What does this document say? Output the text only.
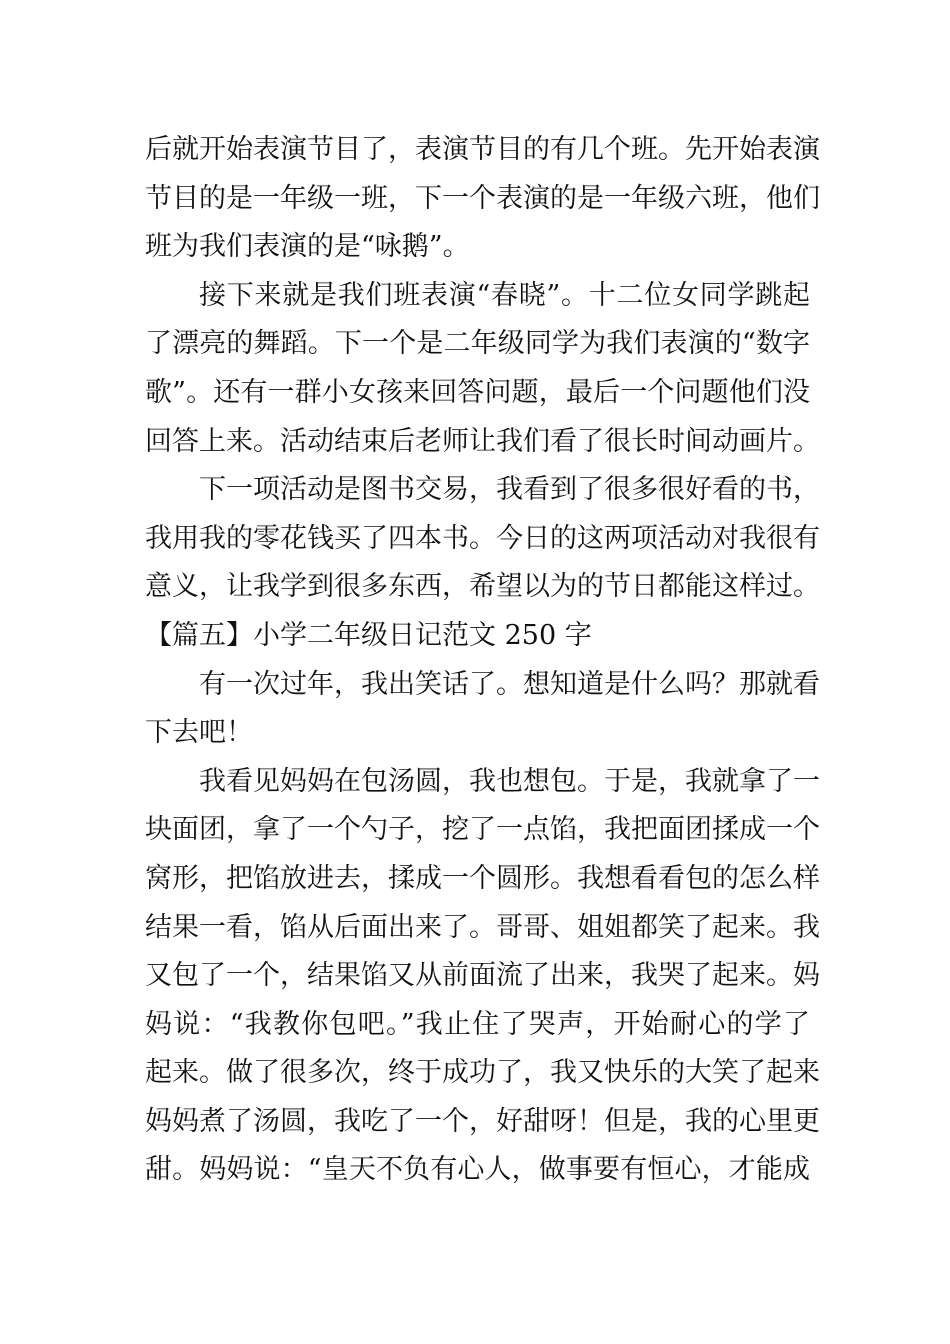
后就开始表演节目了，表演节目的有几个班。先开始表演
节目的是一年级一班，下一个表演的是一年级六班，他们
班为我们表演的是“咏鹅”。
接下来就是我们班表演“春晓”。十二位女同学跳起
了漂亮的舞蹈。下一个是二年级同学为我们表演的“数字
歌”。还有一群小女孩来回答问题，最后一个问题他们没
回答上来。活动结束后老师让我们看了很长时间动画片。
下一项活动是图书交易，我看到了很多很好看的书，
我用我的零花钱买了四本书。今日的这两项活动对我很有
意义，让我学到很多东西，希望以为的节日都能这样过。
【篇五】小学二年级日记范文 250 字
有一次过年，我出笑话了。想知道是什么吗？那就看
下去吧！
我看见妈妈在包汤圆，我也想包。于是，我就拿了一
块面团，拿了一个勺子，挖了一点馅，我把面团揉成一个
窝形，把馅放进去，揉成一个圆形。我想看看包的怎么样
结果一看，馅从后面出来了。哥哥、姐姐都笑了起来。我
又包了一个，结果馅又从前面流了出来，我哭了起来。妈
妈说：“我教你包吧。”我止住了哭声，开始耐心的学了
起来。做了很多次，终于成功了，我又快乐的大笑了起来
妈妈煮了汤圆，我吃了一个，好甜呀！但是，我的心里更
甜。妈妈说：“皇天不负有心人，做事要有恒心，才能成
